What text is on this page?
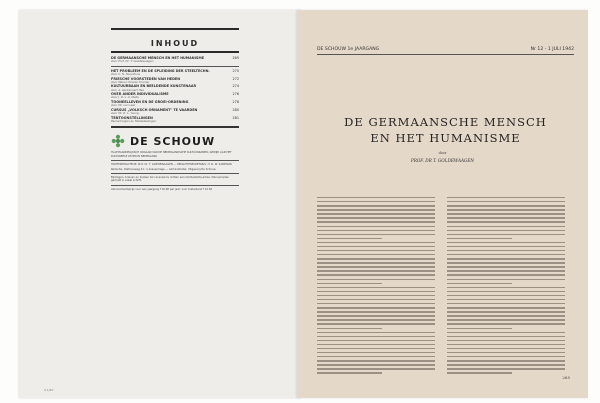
INHOUD
DE GERMAANSCHE MENSCH EN HET HUMANISME	265
door Prof. Dr. T. Goedewaagen
HET PROBLEEM EN DE SPLEIDING DER STEELTECHN.	270
door C. N. Noordhuis
FRIESCHE VOORSTEDEN VAN HEDEN	272
door Menso Kiosian Kramer
KULTUURBAAN EN BEELDENDE KUNSTENAAR	274
door A. Gerkenaert Has
OVER ANDER INDIVIDUALISME	276
door J. R. v. d. Walls
TOONEELLEVEN EN DE GROEI-ORDENING	278
door Mr. van Leer
CURSUS „VOLKSCH ORNAMENT" TE VAARDEN	280
door Mr. R. L. Young
TENTOONSTELLINGEN	281
Bemerkingen en Mededeelingen
DE SCHOUW

HALFMAANDELIJKSCH ORGAAN VAN DE NEDERLANDSCHE KULTUURKAMER, GEWIJD AAN HET KULTUREELE LEVEN IN NEDERLAND

HOOFDREDACTEUR: Prof. Dr. T. GOEDEWAAGEN — REDACTIESECRETARIS: H. D. W. SAMPSON

Redactie, Stationsweg 41, 's-Gravenhage — Administratie: Uitgeverij De Schouw

Bijdragen, brieven en boeken ter recensie te richten aan het Redactie-adres. Manuscripten gedrukt in enkel schrift.

Abonnementsprijs voor een jaargang f 10.00 per jaar; voor buitenland f 12.50

4 1/67
DE SCHOUW 1e JAARGANG	Nr 12 - 1 JULI 1942
DE GERMAANSCHE MENSCH
EN HET HUMANISME
door
PROF. DR T. GOLDEWAAGEN
265
